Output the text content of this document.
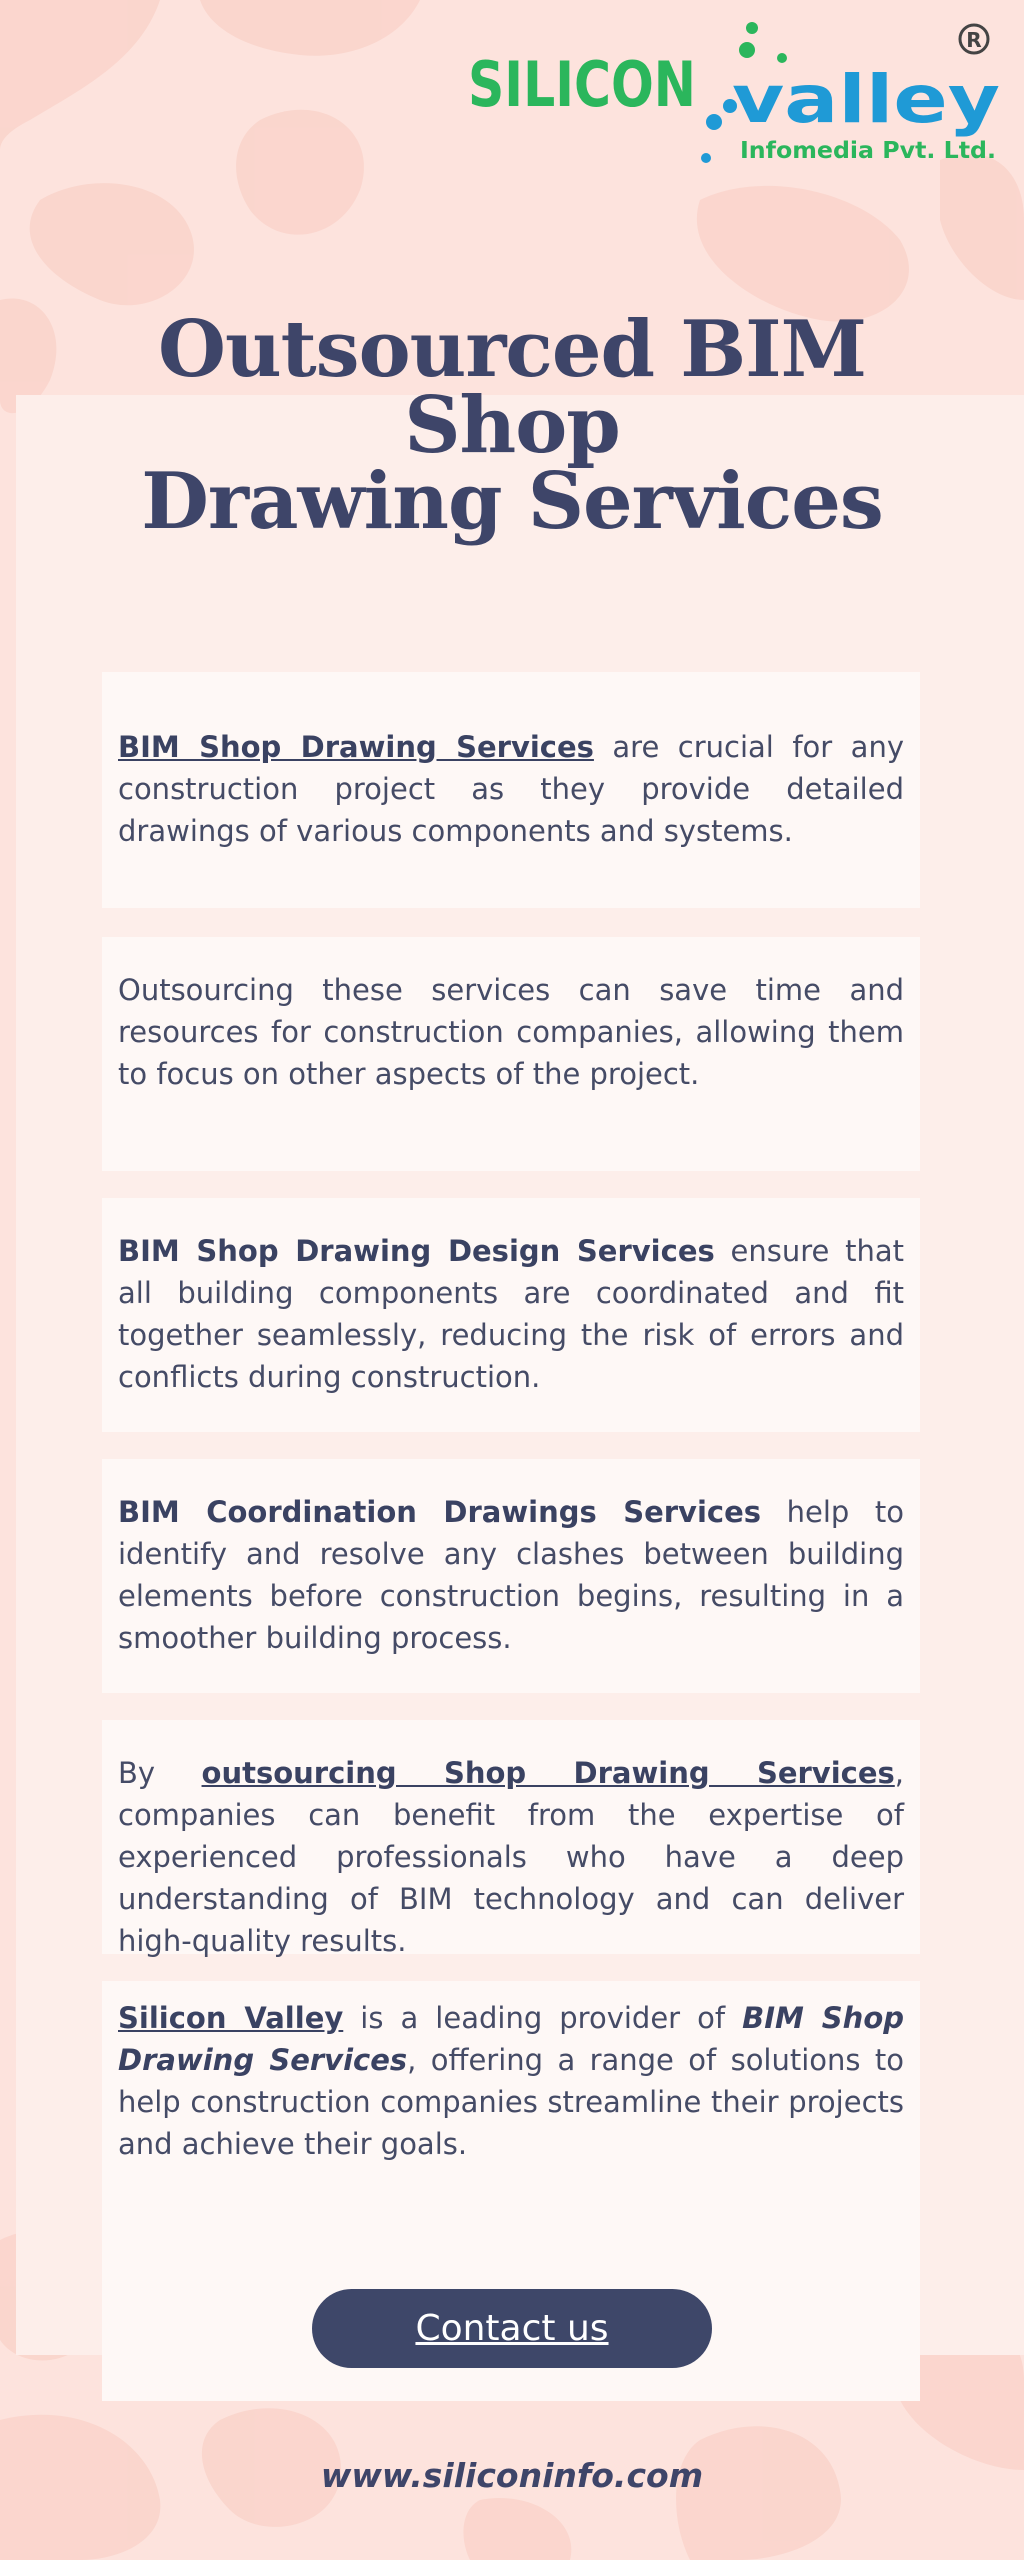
SILICON valley
Infomedia Pvt. Ltd.
R
Outsourced BIM Shop
Drawing Services

BIM Shop Drawing Services are crucial for any construction project as they provide detailed drawings of various components and systems.

Outsourcing these services can save time and resources for construction companies, allowing them to focus on other aspects of the project.

BIM Shop Drawing Design Services ensure that all building components are coordinated and fit together seamlessly, reducing the risk of errors and conflicts during construction.

BIM Coordination Drawings Services help to identify and resolve any clashes between building elements before construction begins, resulting in a smoother building process.

By outsourcing Shop Drawing Services, companies can benefit from the expertise of experienced professionals who have a deep understanding of BIM technology and can deliver high-quality results.

Silicon Valley is a leading provider of BIM Shop Drawing Services, offering a range of solutions to help construction companies streamline their projects and achieve their goals.

Contact us
www.siliconinfo.com
